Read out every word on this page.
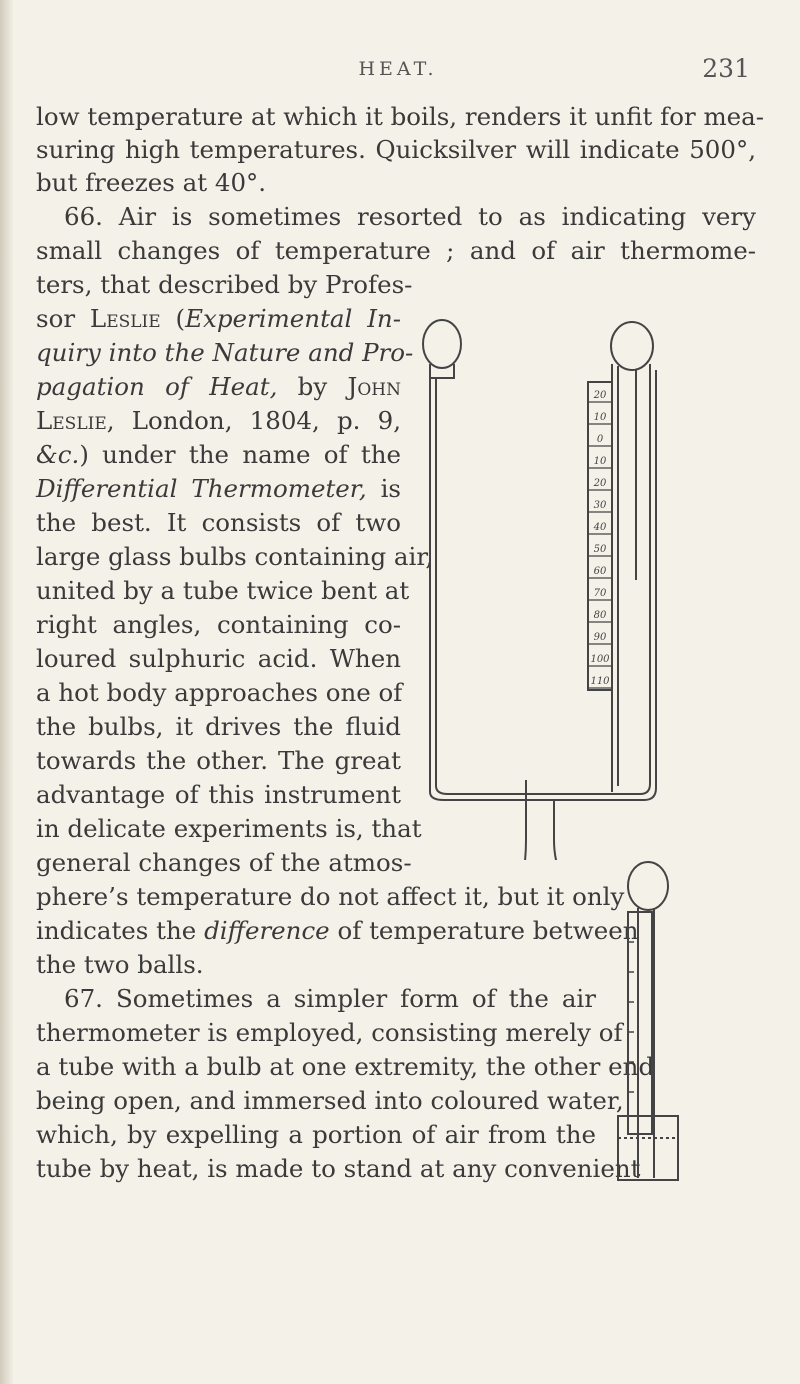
HEAT.	231
low temperature at which it boils, renders it unfit for mea-
suring high temperatures. Quicksilver will indicate 500°,
but freezes at 40°.
66. Air is sometimes resorted to as indicating very
small changes of temperature ; and of air thermome-
ters, that described by Profes-
sor Leslie (Experimental In-
quiry into the Nature and Pro-
pagation of Heat, by John
Leslie, London, 1804, p. 9,
&c.) under the name of the
Differential Thermometer, is
the best. It consists of two
large glass bulbs containing air,
united by a tube twice bent at
right angles, containing co-
loured sulphuric acid. When
a hot body approaches one of
the bulbs, it drives the fluid
towards the other. The great
advantage of this instrument
in delicate experiments is, that
general changes of the atmos-
phere’s temperature do not affect it, but it only
indicates the difference of temperature between
the two balls.
67. Sometimes a simpler form of the air
thermometer is employed, consisting merely of
a tube with a bulb at one extremity, the other end
being open, and immersed into coloured water,
which, by expelling a portion of air from the
tube by heat, is made to stand at any convenient
20
10
0
10
20
30
40
50
60
70
80
90
100
110
